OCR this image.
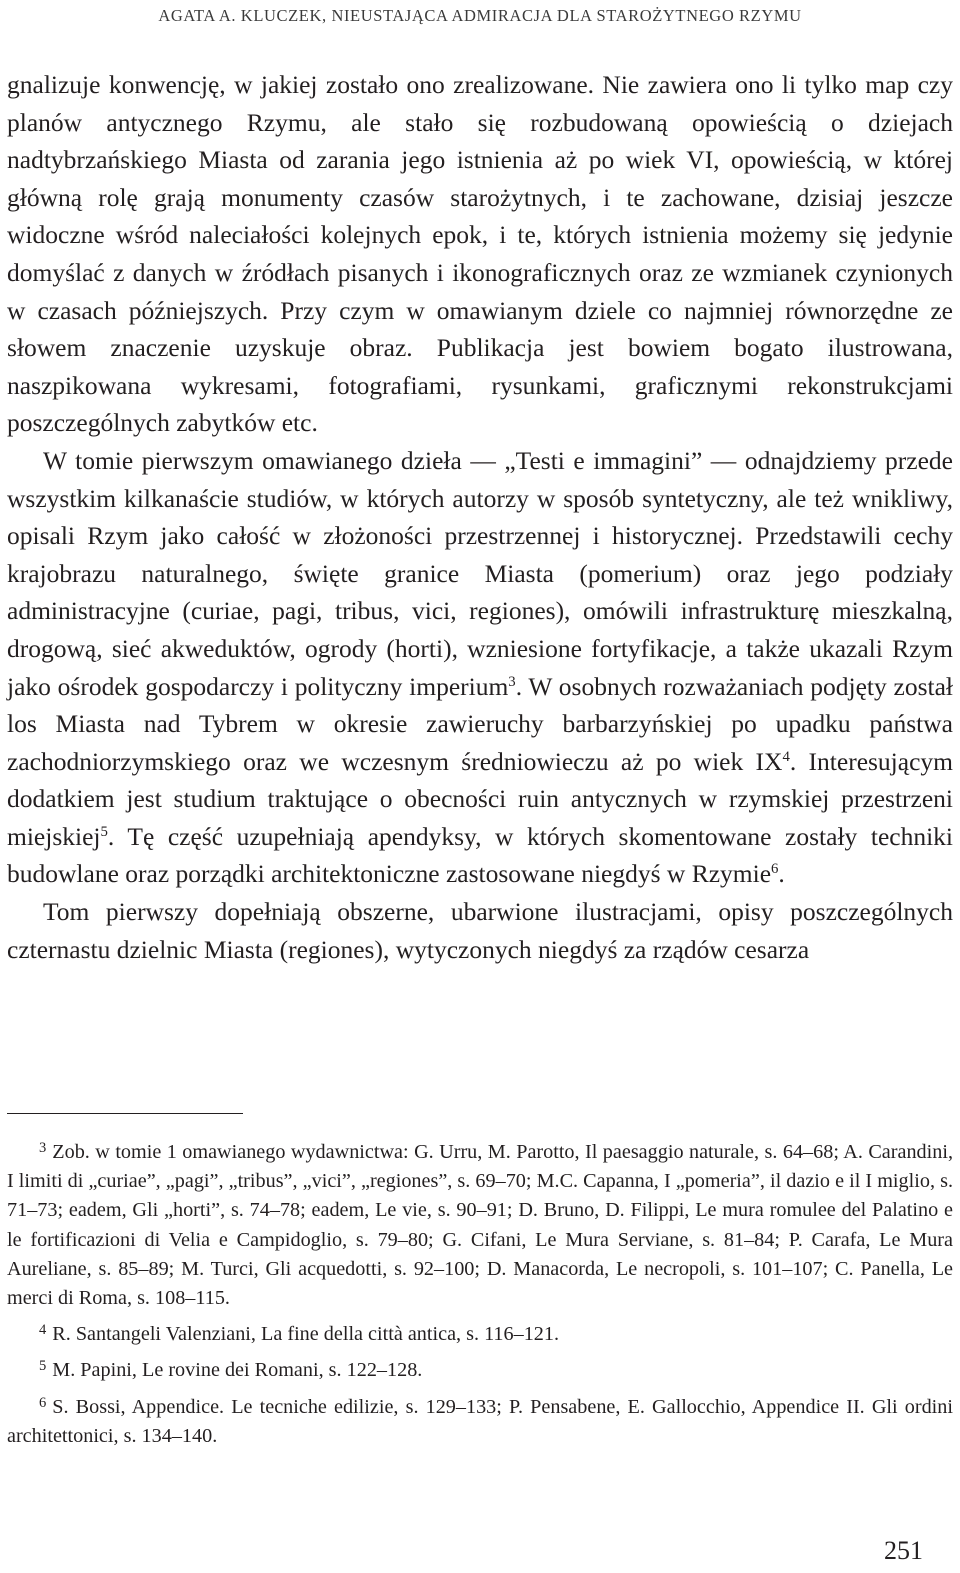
AGATA A. KLUCZEK, NIEUSTAJĄCA ADMIRACJA DLA STAROŻYTNEGO RZYMU

gnalizuje konwencję, w jakiej zostało ono zrealizowane. Nie zawiera ono li tylko map czy planów antycznego Rzymu, ale stało się rozbudowaną opowieścią o dziejach nadtybrzańskiego Miasta od zarania jego istnienia aż po wiek VI, opowieścią, w której główną rolę grają monumenty czasów starożytnych, i te zachowane, dzisiaj jeszcze widoczne wśród naleciałości kolejnych epok, i te, których istnienia możemy się jedynie domyślać z danych w źródłach pisanych i ikonograficznych oraz ze wzmianek czynionych w czasach późniejszych. Przy czym w omawianym dziele co najmniej równorzędne ze słowem znaczenie uzyskuje obraz. Publikacja jest bowiem bogato ilustrowana, naszpikowana wykresami, fotografiami, rysunkami, graficznymi rekonstrukcjami poszczególnych zabytków etc.

W tomie pierwszym omawianego dzieła — „Testi e immagini” — odnajdziemy przede wszystkim kilkanaście studiów, w których autorzy w sposób syntetyczny, ale też wnikliwy, opisali Rzym jako całość w złożoności przestrzennej i historycznej. Przedstawili cechy krajobrazu naturalnego, święte granice Miasta (pomerium) oraz jego podziały administracyjne (curiae, pagi, tribus, vici, regiones), omówili infrastrukturę mieszkalną, drogową, sieć akweduktów, ogrody (horti), wzniesione fortyfikacje, a także ukazali Rzym jako ośrodek gospodarczy i polityczny imperium$^3$. W osobnych rozważaniach podjęty został los Miasta nad Tybrem w okresie zawieruchy barbarzyńskiej po upadku państwa zachodniorzymskiego oraz we wczesnym średniowieczu aż po wiek IX$^4$. Interesującym dodatkiem jest studium traktujące o obecności ruin antycznych w rzymskiej przestrzeni miejskiej$^5$. Tę część uzupełniają apendyksy, w których skomentowane zostały techniki budowlane oraz porządki architektoniczne zastosowane niegdyś w Rzymie$^6$.

Tom pierwszy dopełniają obszerne, ubarwione ilustracjami, opisy poszczególnych czternastu dzielnic Miasta (regiones), wytyczonych niegdyś za rządów cesarza

$^3$ Zob. w tomie 1 omawianego wydawnictwa: G. Urru, M. Parotto, Il paesaggio naturale, s. 64–68; A. Carandini, I limiti di „curiae”, „pagi”, „tribus”, „vici”, „regiones”, s. 69–70; M.C. Capanna, I „pomeria”, il dazio e il I miglio, s. 71–73; eadem, Gli „horti”, s. 74–78; eadem, Le vie, s. 90–91; D. Bruno, D. Filippi, Le mura romulee del Palatino e le fortificazioni di Velia e Campidoglio, s. 79–80; G. Cifani, Le Mura Serviane, s. 81–84; P. Carafa, Le Mura Aureliane, s. 85–89; M. Turci, Gli acquedotti, s. 92–100; D. Manacorda, Le necropoli, s. 101–107; C. Panella, Le merci di Roma, s. 108–115.

$^4$ R. Santangeli Valenziani, La fine della città antica, s. 116–121.

$^5$ M. Papini, Le rovine dei Romani, s. 122–128.

$^6$ S. Bossi, Appendice. Le tecniche edilizie, s. 129–133; P. Pensabene, E. Gallocchio, Appendice II. Gli ordini architettonici, s. 134–140.

251
